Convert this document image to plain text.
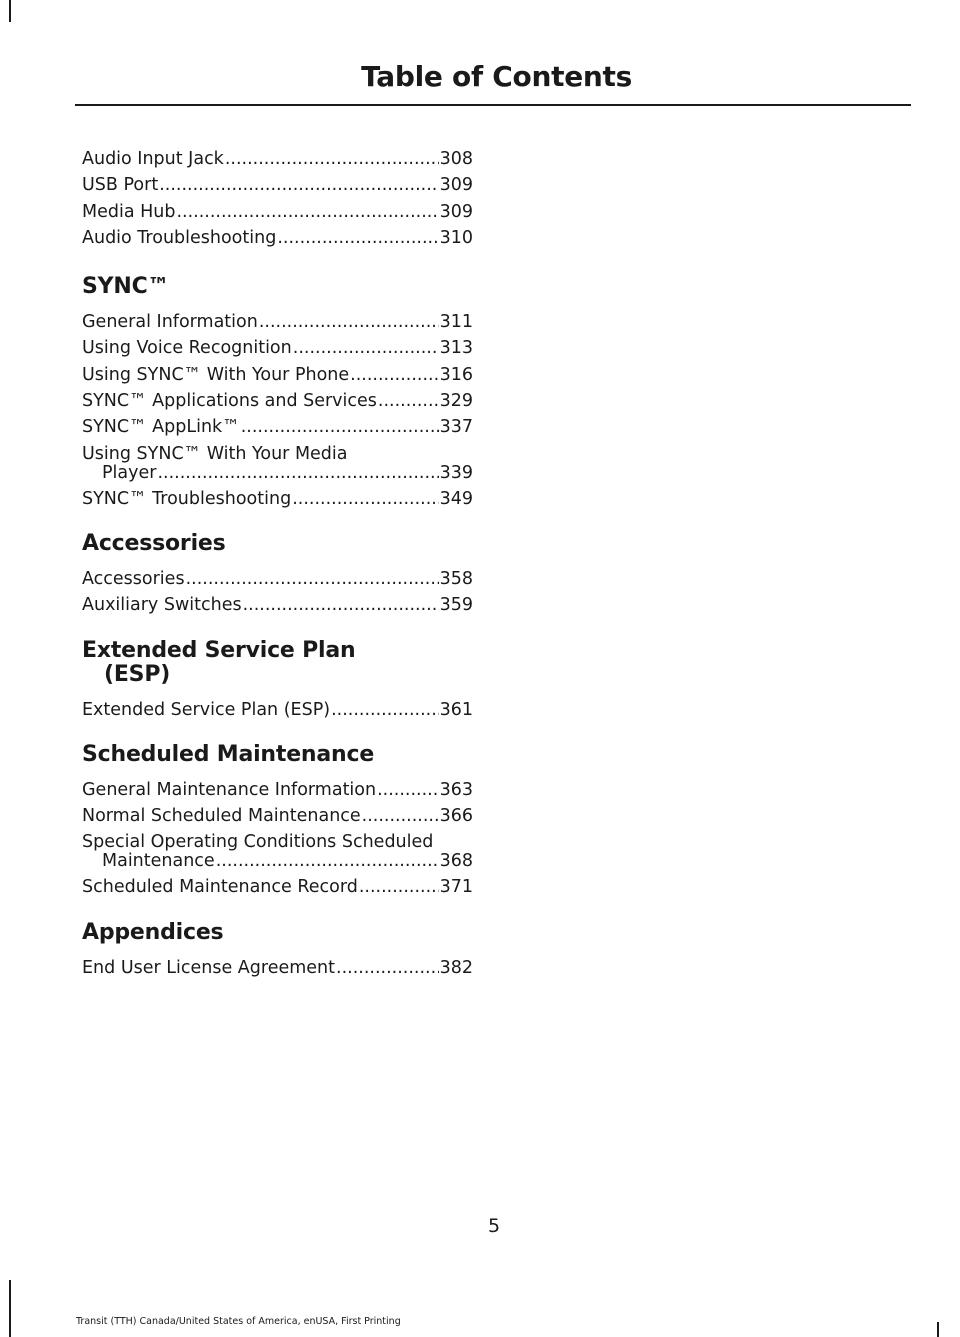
Table of Contents
Audio Input Jack .....	308
USB Port .....	309
Media Hub .....	309
Audio Troubleshooting .....	310
SYNC™
General Information .....	311
Using Voice Recognition .....	313
Using SYNC™ With Your Phone .....	316
SYNC™ Applications and Services .....	329
SYNC™ AppLink™ .....	337
Using SYNC™ With Your Media
Player .....	339
SYNC™ Troubleshooting .....	349
Accessories
Accessories .....	358
Auxiliary Switches .....	359
Extended Service Plan
(ESP)
Extended Service Plan (ESP) .....	361
Scheduled Maintenance
General Maintenance Information .....	363
Normal Scheduled Maintenance .....	366
Special Operating Conditions Scheduled
Maintenance .....	368
Scheduled Maintenance Record .....	371
Appendices
End User License Agreement .....	382
5
Transit (TTH) Canada/United States of America, enUSA, First Printing
